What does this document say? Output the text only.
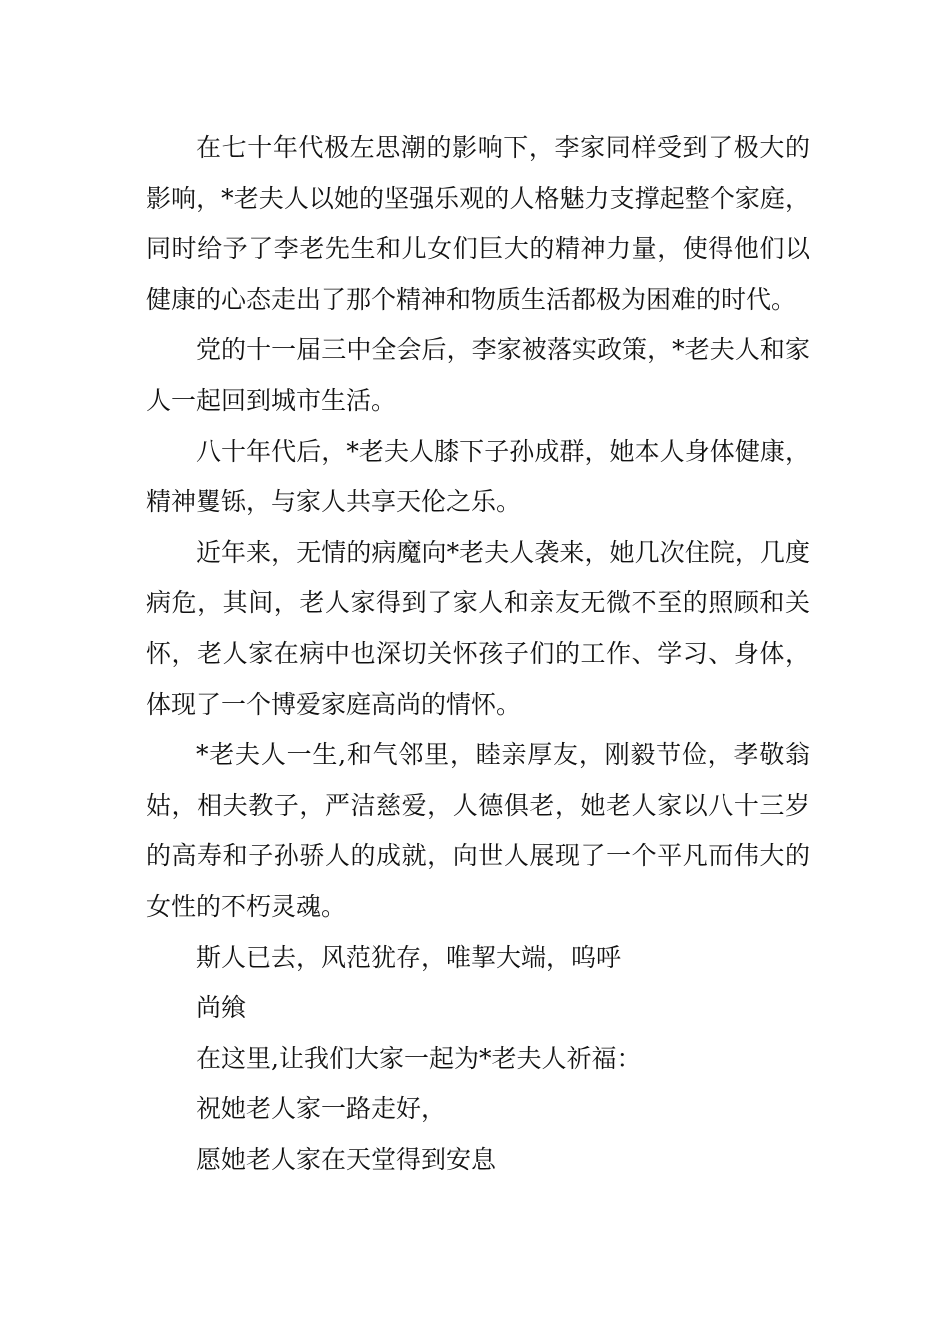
在七十年代极左思潮的影响下，李家同样受到了极大的影响，*老夫人以她的坚强乐观的人格魅力支撑起整个家庭，同时给予了李老先生和儿女们巨大的精神力量，使得他们以健康的心态走出了那个精神和物质生活都极为困难的时代。

党的十一届三中全会后，李家被落实政策，*老夫人和家人一起回到城市生活。

八十年代后，*老夫人膝下子孙成群，她本人身体健康，精神矍铄，与家人共享天伦之乐。

近年来，无情的病魔向*老夫人袭来，她几次住院，几度病危，其间，老人家得到了家人和亲友无微不至的照顾和关怀，老人家在病中也深切关怀孩子们的工作、学习、身体，体现了一个博爱家庭高尚的情怀。

*老夫人一生,和气邻里，睦亲厚友，刚毅节俭，孝敬翁姑，相夫教子，严洁慈爱，人德俱老，她老人家以八十三岁的高寿和子孙骄人的成就，向世人展现了一个平凡而伟大的女性的不朽灵魂。

斯人已去，风范犹存，唯挈大端，呜呼

尚飨

在这里,让我们大家一起为*老夫人祈福：

祝她老人家一路走好，

愿她老人家在天堂得到安息
